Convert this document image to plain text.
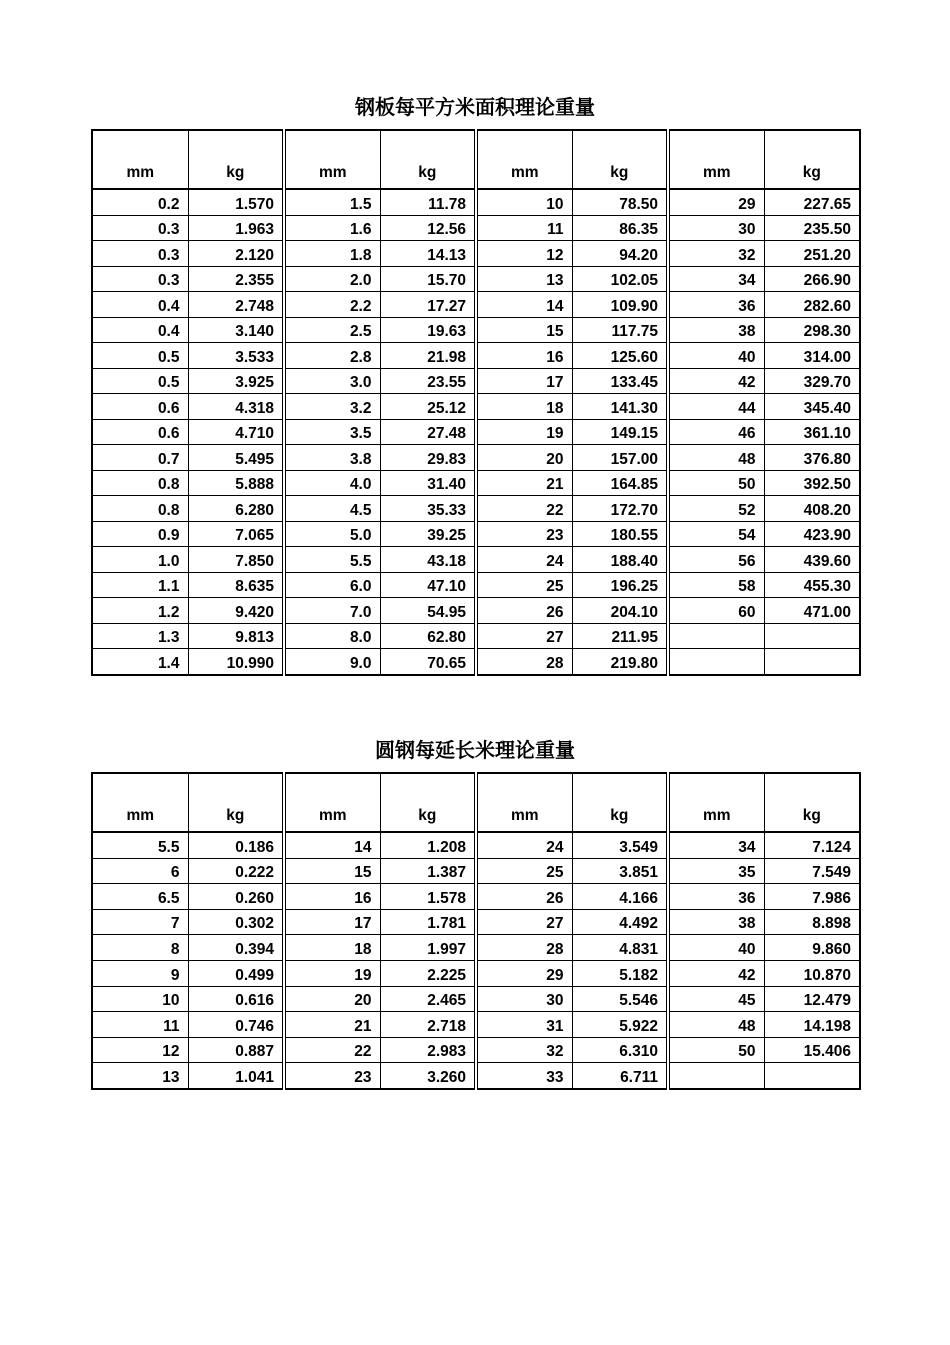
钢板每平方米面积理论重量
mm	kg	mm	kg	mm	kg	mm	kg
0.2	1.570	1.5	11.78	10	78.50	29	227.65
0.3	1.963	1.6	12.56	11	86.35	30	235.50
0.3	2.120	1.8	14.13	12	94.20	32	251.20
0.3	2.355	2.0	15.70	13	102.05	34	266.90
0.4	2.748	2.2	17.27	14	109.90	36	282.60
0.4	3.140	2.5	19.63	15	117.75	38	298.30
0.5	3.533	2.8	21.98	16	125.60	40	314.00
0.5	3.925	3.0	23.55	17	133.45	42	329.70
0.6	4.318	3.2	25.12	18	141.30	44	345.40
0.6	4.710	3.5	27.48	19	149.15	46	361.10
0.7	5.495	3.8	29.83	20	157.00	48	376.80
0.8	5.888	4.0	31.40	21	164.85	50	392.50
0.8	6.280	4.5	35.33	22	172.70	52	408.20
0.9	7.065	5.0	39.25	23	180.55	54	423.90
1.0	7.850	5.5	43.18	24	188.40	56	439.60
1.1	8.635	6.0	47.10	25	196.25	58	455.30
1.2	9.420	7.0	54.95	26	204.10	60	471.00
1.3	9.813	8.0	62.80	27	211.95		
1.4	10.990	9.0	70.65	28	219.80		
圆钢每延长米理论重量
mm	kg	mm	kg	mm	kg	mm	kg
5.5	0.186	14	1.208	24	3.549	34	7.124
6	0.222	15	1.387	25	3.851	35	7.549
6.5	0.260	16	1.578	26	4.166	36	7.986
7	0.302	17	1.781	27	4.492	38	8.898
8	0.394	18	1.997	28	4.831	40	9.860
9	0.499	19	2.225	29	5.182	42	10.870
10	0.616	20	2.465	30	5.546	45	12.479
11	0.746	21	2.718	31	5.922	48	14.198
12	0.887	22	2.983	32	6.310	50	15.406
13	1.041	23	3.260	33	6.711		
